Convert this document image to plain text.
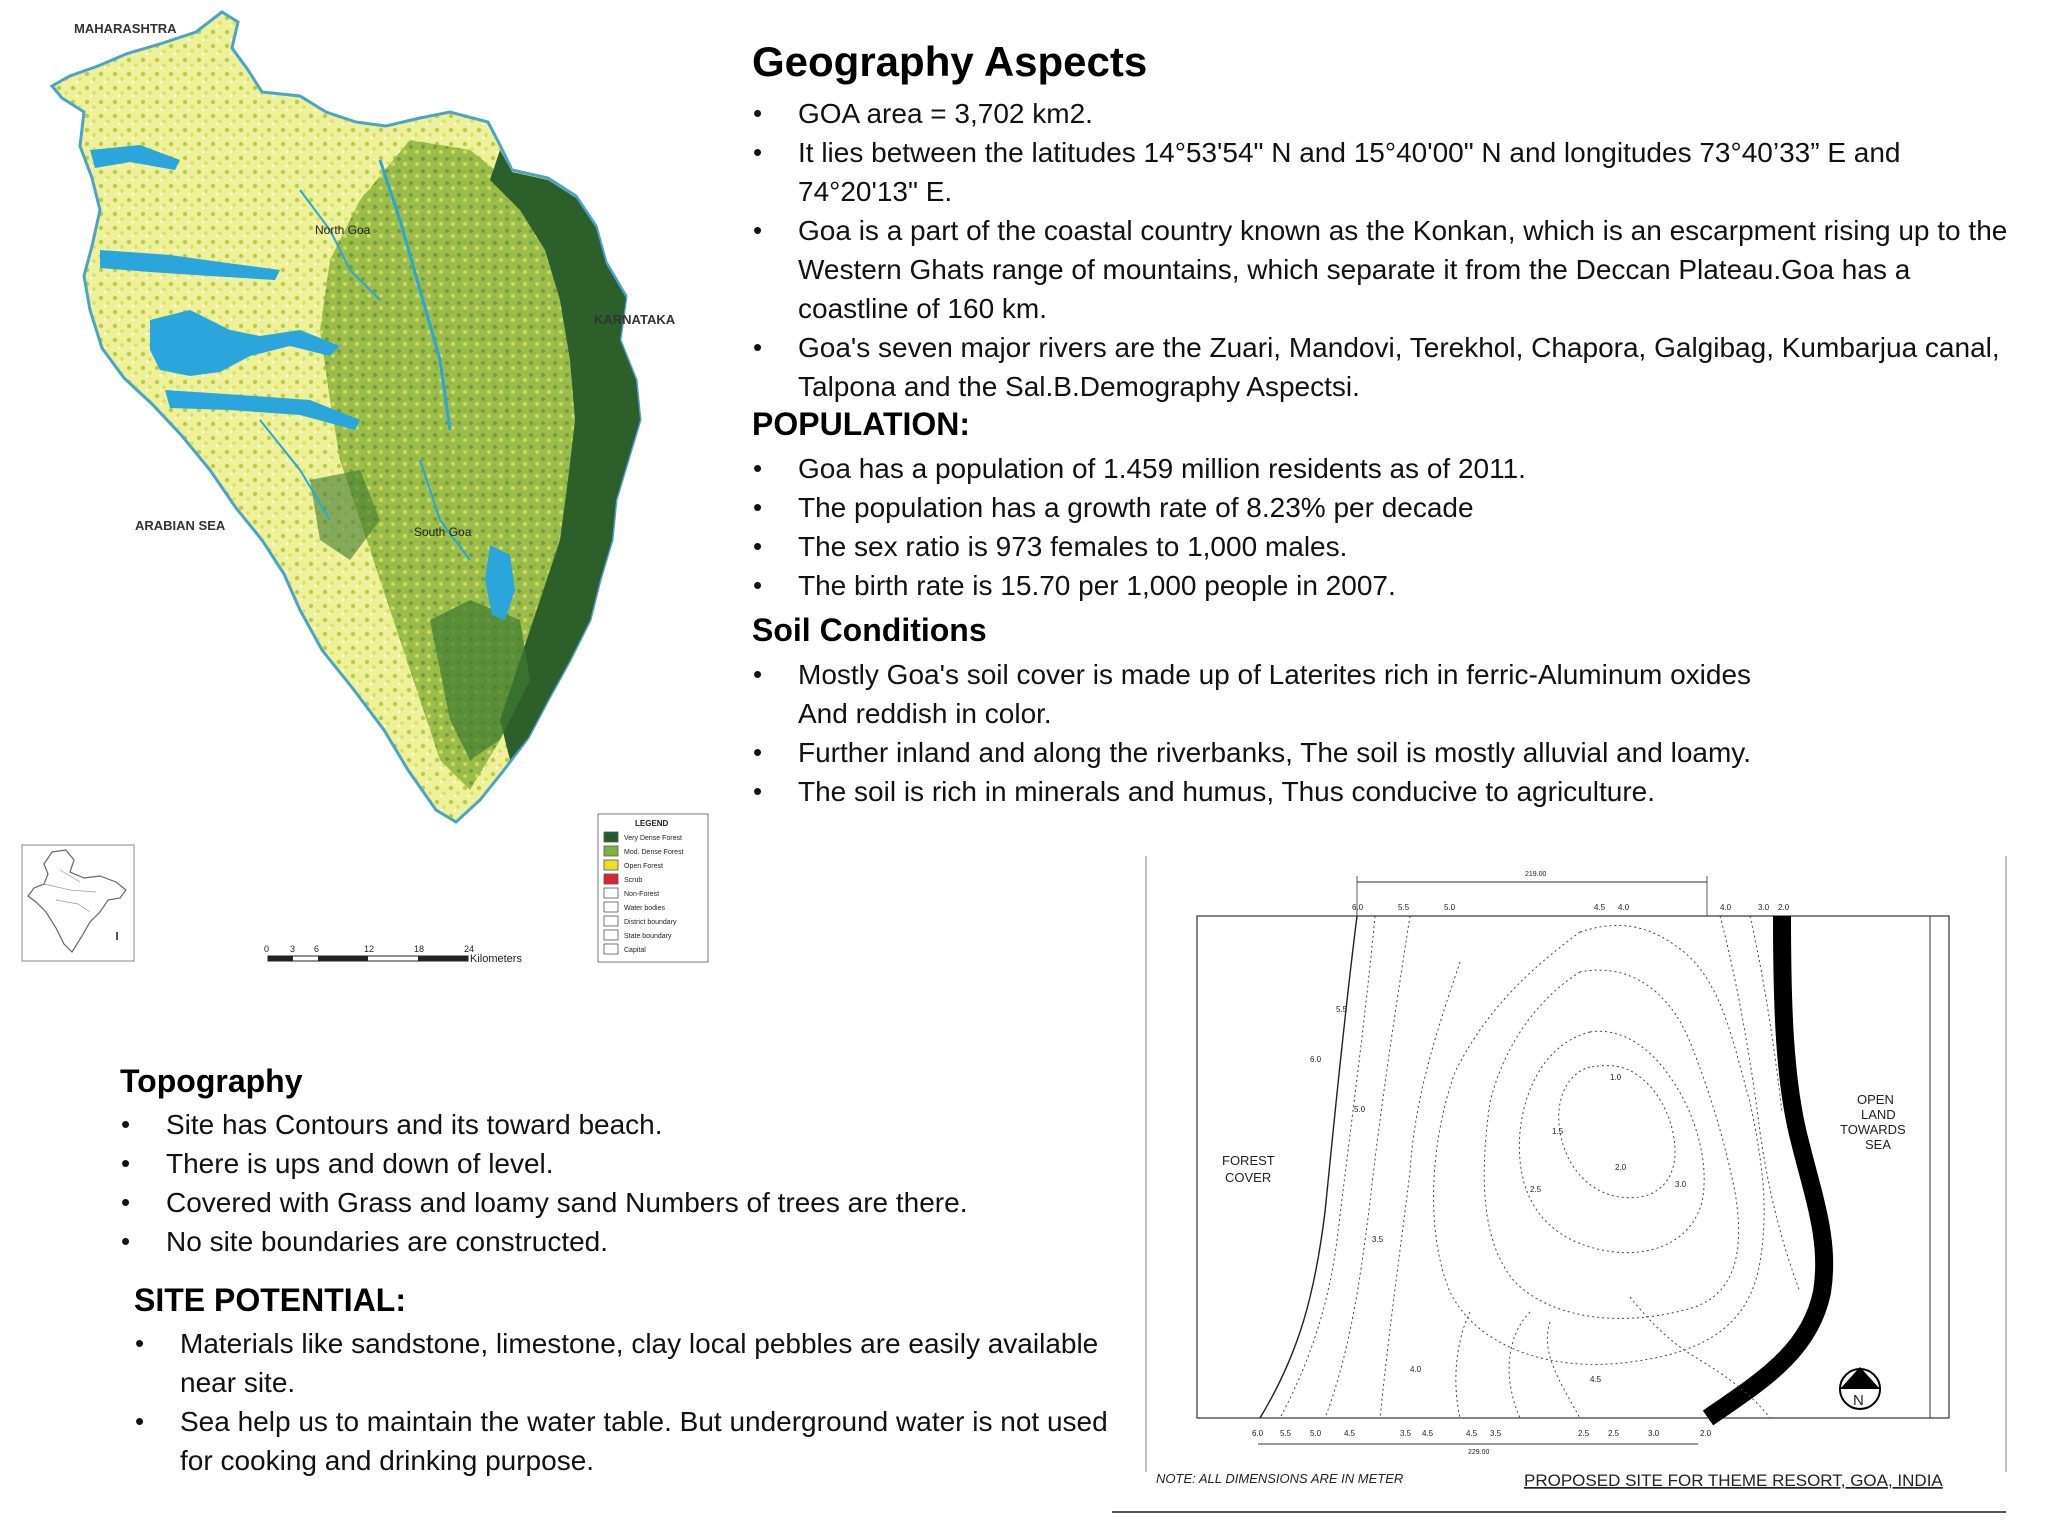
MAHARASHTRA
KARNATAKA
ARABIAN SEA
North Goa
South Goa
0 3 6	12	18	24
Kilometers
LEGEND
Very Dense Forest
Mod. Dense Forest
Open Forest
Scrub
Non-Forest
Water bodies
District boundary
State boundary
Capital
Geography Aspects
• GOA area = 3,702 km2.
• It lies between the latitudes 14°53'54" N and 15°40'00" N and longitudes 73°40’33” E and 74°20'13" E.
• Goa is a part of the coastal country known as the Konkan, which is an escarpment rising up to the Western Ghats range of mountains, which separate it from the Deccan Plateau.Goa has a coastline of 160 km.
• Goa's seven major rivers are the Zuari, Mandovi, Terekhol, Chapora, Galgibag, Kumbarjua canal, Talpona and the Sal.B.Demography Aspectsi.
POPULATION:
• Goa has a population of 1.459 million residents as of 2011.
• The population has a growth rate of 8.23% per decade
• The sex ratio is 973 females to 1,000 males.
• The birth rate is 15.70 per 1,000 people in 2007.
Soil Conditions
• Mostly Goa's soil cover is made up of Laterites rich in ferric-Aluminum oxides And reddish in color.
• Further inland and along the riverbanks, The soil is mostly alluvial and loamy.
• The soil is rich in minerals and humus, Thus conducive to agriculture.
Topography
• Site has Contours and its toward beach.
• There is ups and down of level.
• Covered with Grass and loamy sand Numbers of trees are there.
• No site boundaries are constructed.
SITE POTENTIAL:
• Materials like sandstone, limestone, clay local pebbles are easily available near site.
• Sea help us to maintain the water table. But underground water is not used for cooking and drinking purpose.
219.00
229.00
6.0	5.5	5.0	4.5 4.0	4.0	3.0 2.0
6.0 5.5 5.0	4.5	3.5 4.5	4.5 3.5	2.5 2.5	3.0	2.0
1.0
1.5
2.0
2.5
3.0
3.5
4.0
4.5
5.0
5.5
6.0
FOREST
COVER
OPEN
LAND
TOWARDS
SEA
N
NOTE: ALL DIMENSIONS ARE IN METER	PROPOSED SITE FOR THEME RESORT, GOA, INDIA
